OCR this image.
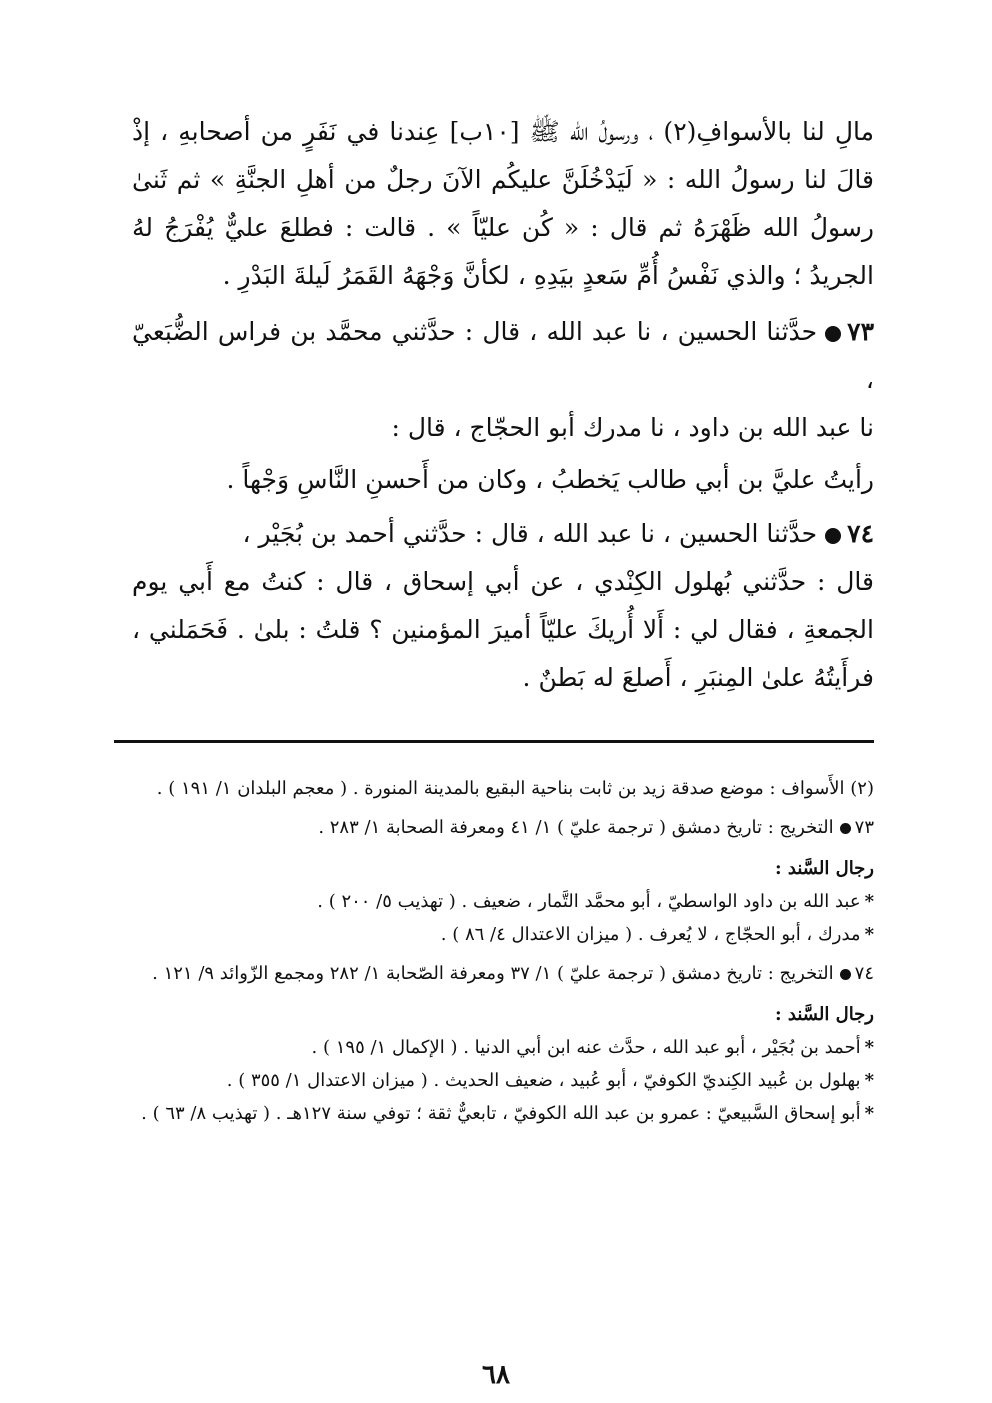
مالِ لنا بالأسوافِ(٢) ، ورسولُ الله ﷺ [١٠ب] عِندنا في نَفَرٍ من أصحابهِ ، إذْ قالَ لنا رسولُ الله : « لَيَدْخُلَنَّ عليكُم الآنَ رجلٌ من أهلِ الجنَّةِ » ثم ثَنىٰ رسولُ الله ظَهْرَهُ ثم قال : « كُن عليّاً » . قالت : فطلعَ عليٌّ يُفْرَجُ لهُ الجريدُ ؛ والذي نَفْسُ أُمِّ سَعدٍ بيَدِهِ ، لكأنَّ وَجْهَهُ القَمَرُ لَيلةَ البَدْرِ .

٧٣حدَّثنا الحسين ، نا عبد الله ، قال : حدَّثني محمَّد بن فراس الضُّبَعيّ ،
نا عبد الله بن داود ، نا مدرك أبو الحجّاج ، قال :
رأيتُ عليَّ بن أبي طالب يَخطبُ ، وكان من أَحسنِ النَّاسِ وَجْهاً .
٧٤حدَّثنا الحسين ، نا عبد الله ، قال : حدَّثني أحمد بن بُجَيْر ،
قال : حدَّثني بُهلول الكِنْدي ، عن أبي إسحاق ، قال : كنتُ مع أَبي يوم الجمعةِ ، فقال لي : أَلا أُريكَ عليّاً أميرَ المؤمنين ؟ قلتُ : بلىٰ . فَحَمَلني ، فرأَيتُهُ علىٰ المِنبَرِ ، أَصلعَ له بَطنٌ .

(٢) الأَسواف : موضع صدقة زيد بن ثابت بناحية البقيع بالمدينة المنورة . ( معجم البلدان ١/ ١٩١ ) .

٧٣التخريج : تاريخ دمشق ( ترجمة عليّ ) ١/ ٤١ ومعرفة الصحابة ١/ ٢٨٣ .

رجال السَّند :

*عبد الله بن داود الواسطيّ ، أبو محمَّد التَّمار ، ضعيف . ( تهذيب ٥/ ٢٠٠ ) .

*مدرك ، أبو الحجّاج ، لا يُعرف . ( ميزان الاعتدال ٤/ ٨٦ ) .

٧٤التخريج : تاريخ دمشق ( ترجمة عليّ ) ١/ ٣٧ ومعرفة الصّحابة ١/ ٢٨٢ ومجمع الزّوائد ٩/ ١٢١ .

رجال السَّند :

*أحمد بن بُجَيْر ، أبو عبد الله ، حدَّث عنه ابن أبي الدنيا . ( الإكمال ١/ ١٩٥ ) .

*بهلول بن عُبيد الكِنديّ الكوفيّ ، أبو عُبيد ، ضعيف الحديث . ( ميزان الاعتدال ١/ ٣٥٥ ) .

*أبو إسحاق السَّبيعيّ : عمرو بن عبد الله الكوفيّ ، تابعيٌّ ثقة ؛ توفي سنة ١٢٧هـ . ( تهذيب ٨/ ٦٣ ) .

٦٨
